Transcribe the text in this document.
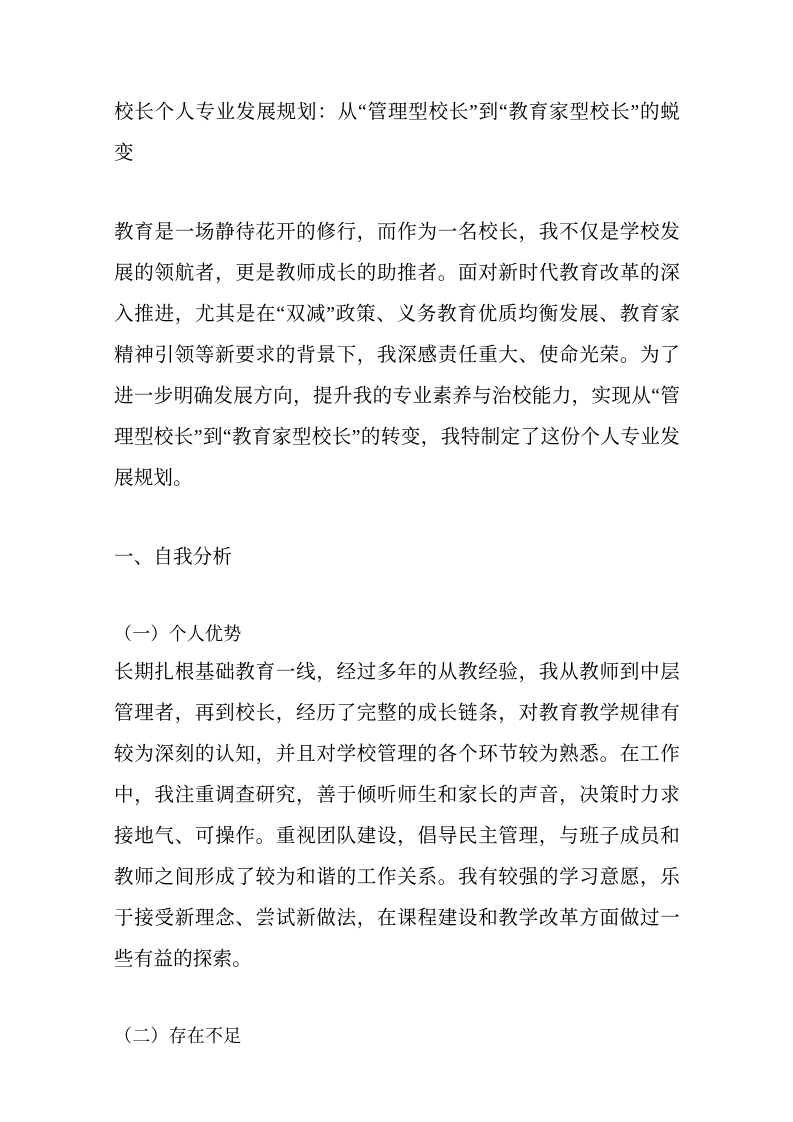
校长个人专业发展规划：从“管理型校长”到“教育家型校长”的蜕变
教育是一场静待花开的修行，而作为一名校长，我不仅是学校发展的领航者，更是教师成长的助推者。面对新时代教育改革的深入推进，尤其是在“双减”政策、义务教育优质均衡发展、教育家精神引领等新要求的背景下，我深感责任重大、使命光荣。为了进一步明确发展方向，提升我的专业素养与治校能力，实现从“管理型校长”到“教育家型校长”的转变，我特制定了这份个人专业发展规划。
一、自我分析
（一）个人优势
长期扎根基础教育一线，经过多年的从教经验，我从教师到中层管理者，再到校长，经历了完整的成长链条，对教育教学规律有较为深刻的认知，并且对学校管理的各个环节较为熟悉。在工作中，我注重调查研究，善于倾听师生和家长的声音，决策时力求接地气、可操作。重视团队建设，倡导民主管理，与班子成员和教师之间形成了较为和谐的工作关系。我有较强的学习意愿，乐于接受新理念、尝试新做法，在课程建设和教学改革方面做过一些有益的探索。
（二）存在不足
